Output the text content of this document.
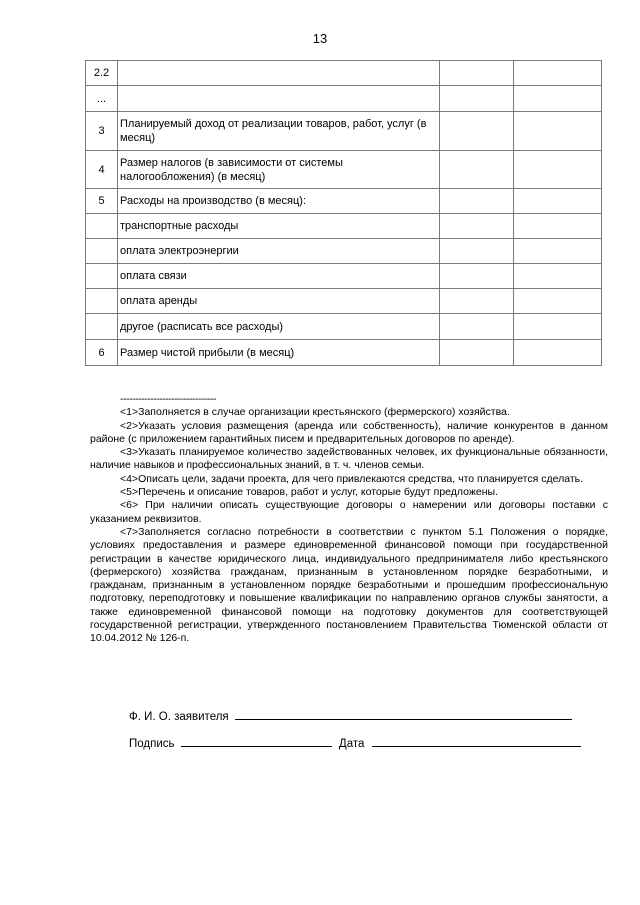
13
2.2			
...			
3	Планируемый доход от реализации товаров, работ, услуг (в месяц)		
4	Размер налогов (в зависимости от системы налогообложения) (в месяц)		
5	Расходы на производство (в месяц):		
	транспортные расходы		
	оплата электроэнергии		
	оплата связи		
	оплата аренды		
	другое (расписать все расходы)		
6	Размер чистой прибыли (в месяц)		
--------------------------------

<1>Заполняется в случае организации крестьянского (фермерского) хозяйства.

<2>Указать условия размещения (аренда или собственность), наличие конкурентов в данном районе (с приложением гарантийных писем и предварительных договоров по аренде).

<3>Указать планируемое количество задействованных человек, их функциональные обязанности, наличие навыков и профессиональных знаний, в т. ч. членов семьи.

<4>Описать цели, задачи проекта, для чего привлекаются средства, что планируется сделать.

<5>Перечень и описание товаров, работ и услуг, которые будут предложены.

<6> При наличии описать существующие договоры о намерении или договоры поставки с указанием реквизитов.

<7>Заполняется согласно потребности в соответствии с пунктом 5.1 Положения о порядке, условиях предоставления и размере единовременной финансовой помощи при государственной регистрации в качестве юридического лица, индивидуального предпринимателя либо крестьянского (фермерского) хозяйства гражданам, признанным в установленном порядке безработными, и гражданам, признанным в установленном порядке безработными и прошедшим профессиональную подготовку, переподготовку и повышение квалификации по направлению органов службы занятости, а также единовременной финансовой помощи на подготовку документов для соответствующей государственной регистрации, утвержденного постановлением Правительства Тюменской области от 10.04.2012 № 126-п.

Ф. И. О. заявителя
Подпись	Дата
